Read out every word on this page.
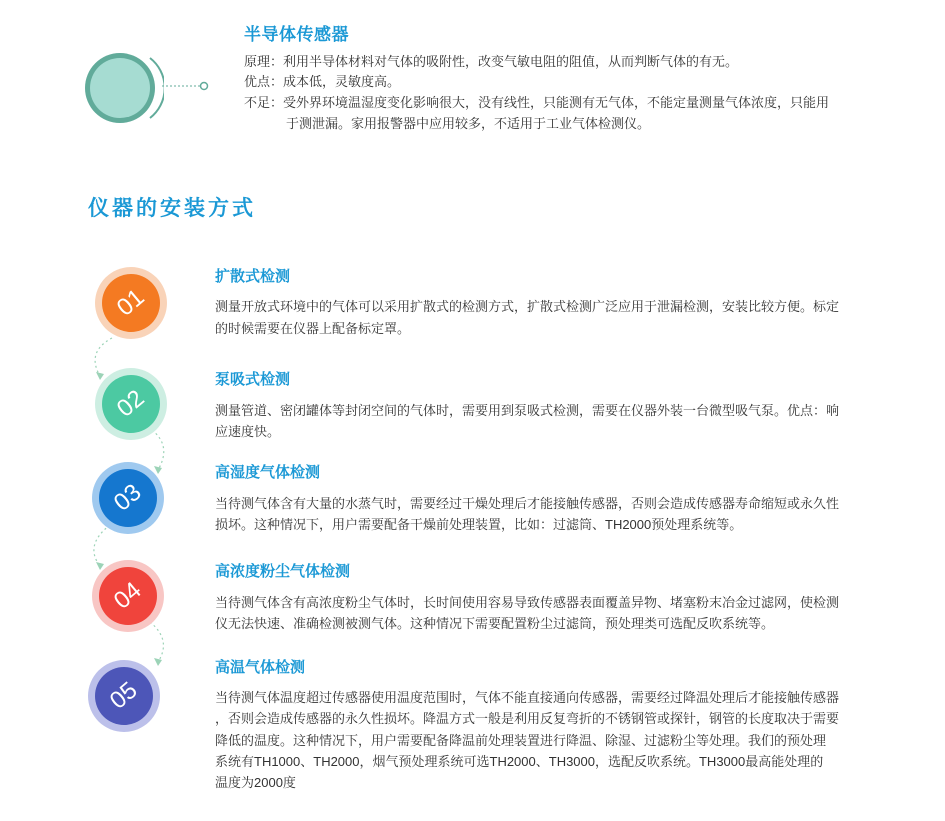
半导体传感器
原理：利用半导体材料对气体的吸附性，改变气敏电阻的阻值，从而判断气体的有无。
优点：成本低，灵敏度高。
不足：受外界环境温湿度变化影响很大，没有线性，只能测有无气体，不能定量测量气体浓度，只能用
于测泄漏。家用报警器中应用较多，不适用于工业气体检测仪。
仪器的安装方式
01
扩散式检测
测量开放式环境中的气体可以采用扩散式的检测方式，扩散式检测广泛应用于泄漏检测，安装比较方便。标定
的时候需要在仪器上配备标定罩。
02
泵吸式检测
测量管道、密闭罐体等封闭空间的气体时，需要用到泵吸式检测，需要在仪器外装一台微型吸气泵。优点：响
应速度快。
03
高湿度气体检测
当待测气体含有大量的水蒸气时，需要经过干燥处理后才能接触传感器，否则会造成传感器寿命缩短或永久性
损坏。这种情况下，用户需要配备干燥前处理装置，比如：过滤筒、TH2000预处理系统等。
04
高浓度粉尘气体检测
当待测气体含有高浓度粉尘气体时，长时间使用容易导致传感器表面覆盖异物、堵塞粉末冶金过滤网，使检测
仪无法快速、准确检测被测气体。这种情况下需要配置粉尘过滤筒，预处理类可选配反吹系统等。
05
高温气体检测
当待测气体温度超过传感器使用温度范围时，气体不能直接通向传感器，需要经过降温处理后才能接触传感器
，否则会造成传感器的永久性损坏。降温方式一般是利用反复弯折的不锈钢管或探针，钢管的长度取决于需要
降低的温度。这种情况下，用户需要配备降温前处理装置进行降温、除湿、过滤粉尘等处理。我们的预处理
系统有TH1000、TH2000，烟气预处理系统可选TH2000、TH3000，选配反吹系统。TH3000最高能处理的
温度为2000度
